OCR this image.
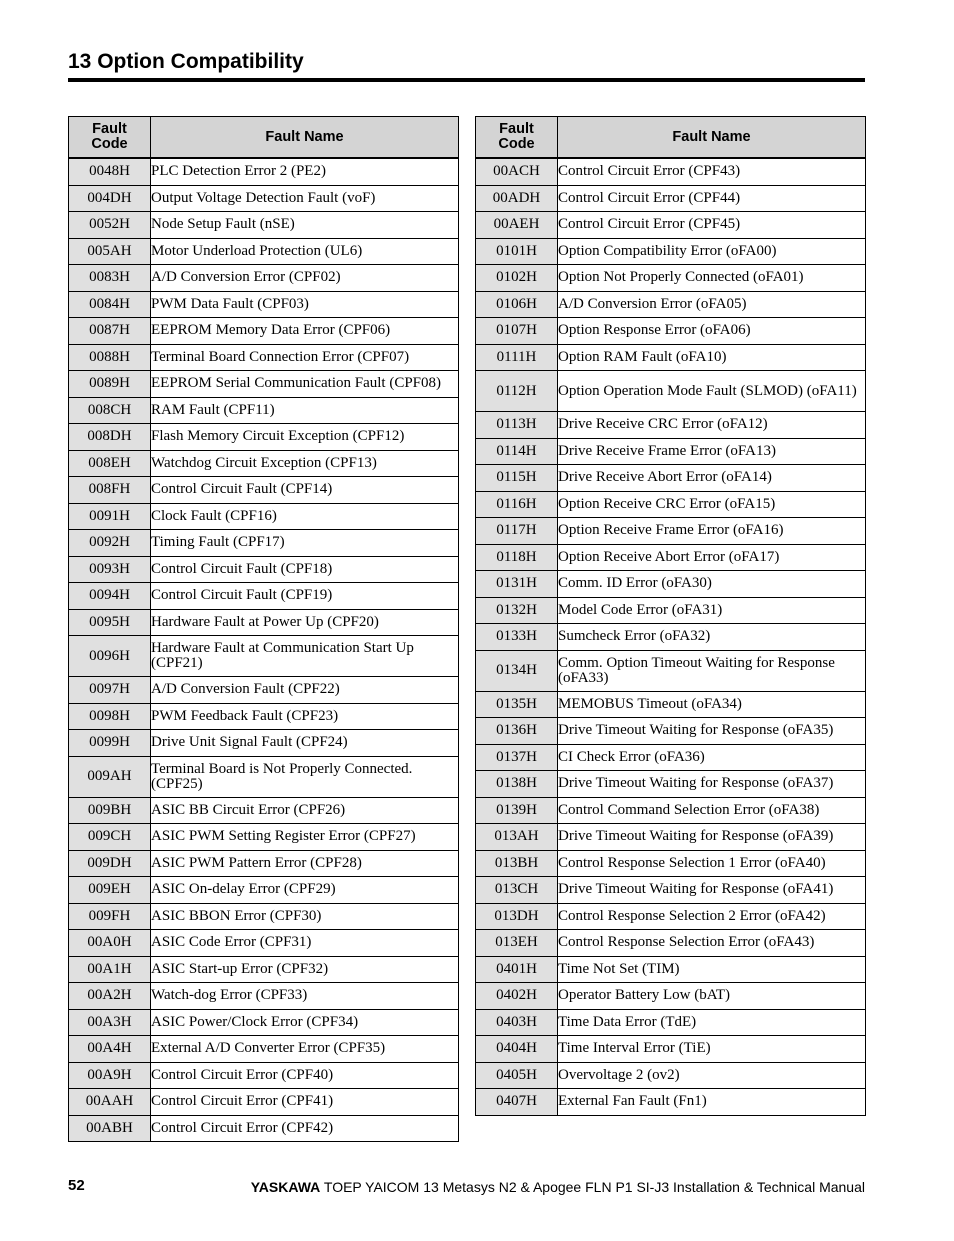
13 Option Compatibility
Fault
Code	Fault Name
0048H	PLC Detection Error 2 (PE2)
004DH	Output Voltage Detection Fault (voF)
0052H	Node Setup Fault (nSE)
005AH	Motor Underload Protection (UL6)
0083H	A/D Conversion Error (CPF02)
0084H	PWM Data Fault (CPF03)
0087H	EEPROM Memory Data Error (CPF06)
0088H	Terminal Board Connection Error (CPF07)
0089H	EEPROM Serial Communication Fault (CPF08)
008CH	RAM Fault (CPF11)
008DH	Flash Memory Circuit Exception (CPF12)
008EH	Watchdog Circuit Exception (CPF13)
008FH	Control Circuit Fault (CPF14)
0091H	Clock Fault (CPF16)
0092H	Timing Fault (CPF17)
0093H	Control Circuit Fault (CPF18)
0094H	Control Circuit Fault (CPF19)
0095H	Hardware Fault at Power Up (CPF20)
0096H	Hardware Fault at Communication Start Up (CPF21)
0097H	A/D Conversion Fault (CPF22)
0098H	PWM Feedback Fault (CPF23)
0099H	Drive Unit Signal Fault (CPF24)
009AH	Terminal Board is Not Properly Connected. (CPF25)
009BH	ASIC BB Circuit Error (CPF26)
009CH	ASIC PWM Setting Register Error (CPF27)
009DH	ASIC PWM Pattern Error (CPF28)
009EH	ASIC On-delay Error (CPF29)
009FH	ASIC BBON Error (CPF30)
00A0H	ASIC Code Error (CPF31)
00A1H	ASIC Start-up Error (CPF32)
00A2H	Watch-dog Error (CPF33)
00A3H	ASIC Power/Clock Error (CPF34)
00A4H	External A/D Converter Error (CPF35)
00A9H	Control Circuit Error (CPF40)
00AAH	Control Circuit Error (CPF41)
00ABH	Control Circuit Error (CPF42)
Fault
Code	Fault Name
00ACH	Control Circuit Error (CPF43)
00ADH	Control Circuit Error (CPF44)
00AEH	Control Circuit Error (CPF45)
0101H	Option Compatibility Error (oFA00)
0102H	Option Not Properly Connected (oFA01)
0106H	A/D Conversion Error (oFA05)
0107H	Option Response Error (oFA06)
0111H	Option RAM Fault (oFA10)
0112H	Option Operation Mode Fault (SLMOD) (oFA11)
0113H	Drive Receive CRC Error (oFA12)
0114H	Drive Receive Frame Error (oFA13)
0115H	Drive Receive Abort Error (oFA14)
0116H	Option Receive CRC Error (oFA15)
0117H	Option Receive Frame Error (oFA16)
0118H	Option Receive Abort Error (oFA17)
0131H	Comm. ID Error (oFA30)
0132H	Model Code Error (oFA31)
0133H	Sumcheck Error (oFA32)
0134H	Comm. Option Timeout Waiting for Response (oFA33)
0135H	MEMOBUS Timeout (oFA34)
0136H	Drive Timeout Waiting for Response (oFA35)
0137H	CI Check Error (oFA36)
0138H	Drive Timeout Waiting for Response (oFA37)
0139H	Control Command Selection Error (oFA38)
013AH	Drive Timeout Waiting for Response (oFA39)
013BH	Control Response Selection 1 Error (oFA40)
013CH	Drive Timeout Waiting for Response (oFA41)
013DH	Control Response Selection 2 Error (oFA42)
013EH	Control Response Selection Error (oFA43)
0401H	Time Not Set (TIM)
0402H	Operator Battery Low (bAT)
0403H	Time Data Error (TdE)
0404H	Time Interval Error (TiE)
0405H	Overvoltage 2 (ov2)
0407H	External Fan Fault (Fn1)
52	YASKAWA TOEP YAICOM 13 Metasys N2 & Apogee FLN P1 SI-J3 Installation & Technical Manual
